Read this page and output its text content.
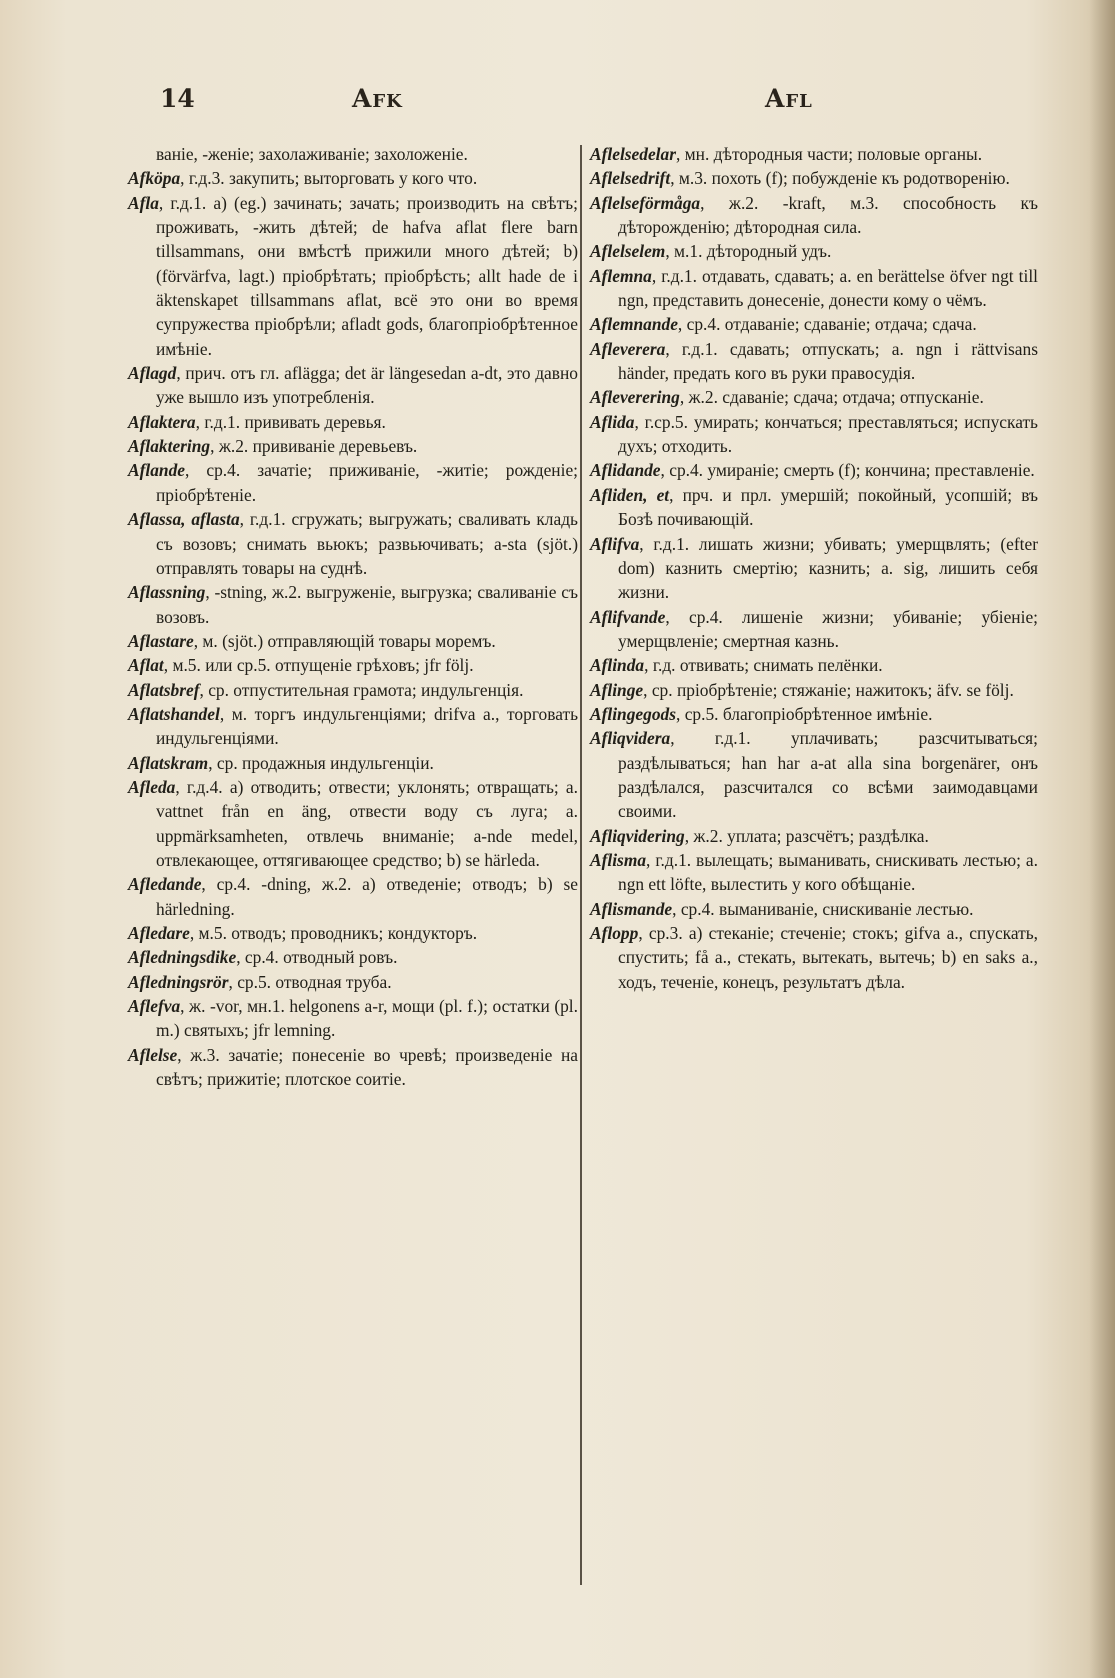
14	Afk	Afl

ваніе, -женіе; захолаживаніе; захоложеніе.

Afköpa, г.д.3. закупить; выторговать у кого что.

Afla, г.д.1. a) (eg.) зачинать; зачать; производить на свѣтъ; проживать, -жить дѣтей; de hafva aflat flere barn tillsammans, они вмѣстѣ прижили много дѣтей; b) (förvärfva, lagt.) пріобрѣтать; пріобрѣсть; allt hade de i äktenskapet tillsammans aflat, всё это они во время супружества пріобрѣли; afladt gods, благопріобрѣтенное имѣніе.

Aflagd, прич. отъ гл. aflägga; det är längesedan a-dt, это давно уже вышло изъ употребленія.

Aflaktera, г.д.1. прививать деревья.

Aflaktering, ж.2. прививаніе деревьевъ.

Aflande, ср.4. зачатіе; приживаніе, -житіе; рожденіе; пріобрѣтеніе.

Aflassa, aflasta, г.д.1. сгружать; выгружать; сваливать кладь съ возовъ; снимать вьюкъ; развьючивать; a-sta (sjöt.) отправлять товары на суднѣ.

Aflassning, -stning, ж.2. выгруженіе, выгрузка; сваливаніе съ возовъ.

Aflastare, м. (sjöt.) отправляющій товары моремъ.

Aflat, м.5. или ср.5. отпущеніе грѣховъ; jfr följ.

Aflatsbref, ср. отпустительная грамота; индульгенція.

Aflatshandel, м. торгъ индульгенціями; drifva a., торговать индульгенціями.

Aflatskram, ср. продажныя индульгенціи.

Afleda, г.д.4. a) отводить; отвести; уклонять; отвращать; a. vattnet från en äng, отвести воду съ луга; a. uppmärksamheten, отвлечь вниманіе; a-nde medel, отвлекающее, оттягивающее средство; b) se härleda.

Afledande, ср.4. -dning, ж.2. a) отведеніе; отводъ; b) se härledning.

Afledare, м.5. отводъ; проводникъ; кондукторъ.

Afledningsdike, ср.4. отводный ровъ.

Afledningsrör, ср.5. отводная труба.

Aflefva, ж. -vor, мн.1. helgonens a-r, мощи (pl. f.); остатки (pl. m.) святыхъ; jfr lemning.

Aflelse, ж.3. зачатіе; понесеніе во чревѣ; произведеніе на свѣтъ; прижитіе; плотское соитіе.

Aflelsedelar, мн. дѣтородныя части; половые органы.

Aflelsedrift, м.3. похоть (f); побужденіе къ родотворенію.

Aflelseförmåga, ж.2. -kraft, м.3. способность къ дѣторожденію; дѣтородная сила.

Aflelselem, м.1. дѣтородный удъ.

Aflemna, г.д.1. отдавать, сдавать; a. en berättelse öfver ngt till ngn, представить донесеніе, донести кому о чёмъ.

Aflemnande, ср.4. отдаваніе; сдаваніе; отдача; сдача.

Aflevererа, г.д.1. сдавать; отпускать; a. ngn i rättvisans händer, предать кого въ руки правосудія.

Aflevererіng, ж.2. сдаваніе; сдача; отдача; отпусканіе.

Aflida, г.ср.5. умирать; кончаться; преставляться; испускать духъ; отходить.

Aflidande, ср.4. умираніе; смерть (f); кончина; преставленіе.

Afliden, et, прч. и прл. умершій; покойный, усопшій; въ Бозѣ почивающій.

Aflifva, г.д.1. лишать жизни; убивать; умерщвлять; (efter dom) казнить смертію; казнить; a. sig, лишить себя жизни.

Aflifvande, ср.4. лишеніе жизни; убиваніе; убіеніе; умерщвленіе; смертная казнь.

Aflinda, г.д. отвивать; снимать пелёнки.

Aflinge, ср. пріобрѣтеніе; стяжаніе; нажитокъ; äfv. se följ.

Aflingegods, ср.5. благопріобрѣтенное имѣніе.

Afliqvidera, г.д.1. уплачивать; разсчитываться; раздѣлываться; han har a-at alla sina borgenärer, онъ раздѣлался, разсчитался со всѣми заимодавцами своими.

Afliqvidering, ж.2. уплата; разсчётъ; раздѣлка.

Aflisma, г.д.1. вылещать; выманивать, снискивать лестью; a. ngn ett löfte, вылестить у кого обѣщаніе.

Aflismande, ср.4. выманиваніе, снискиваніе лестью.

Aflopp, ср.3. a) стеканіе; стеченіе; стокъ; gifva a., спускать, спустить; få a., стекать, вытекать, вытечь; b) en saks a., ходъ, теченіе, конецъ, результатъ дѣла.
